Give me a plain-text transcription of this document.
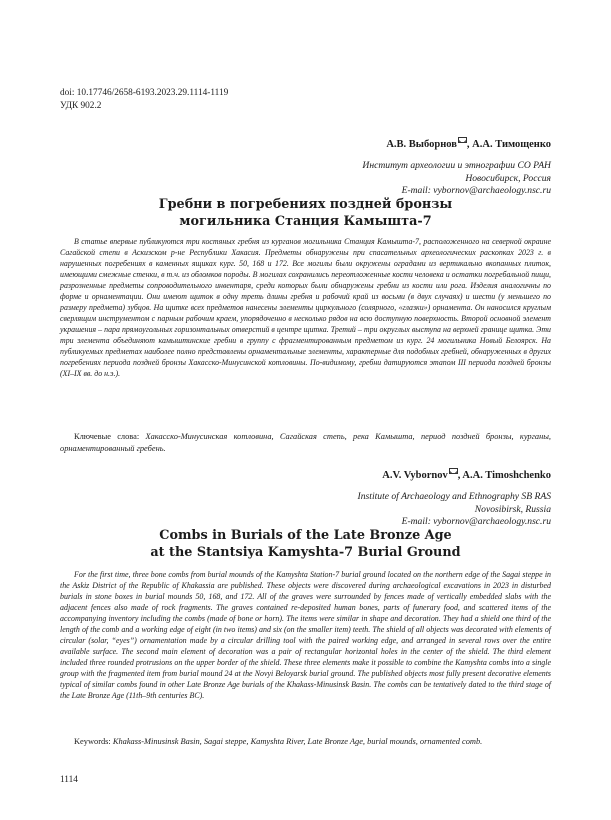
doi: 10.17746/2658-6193.2023.29.1114-1119
УДК 902.2
А.В. Выборнов , А.А. Тимощенко
Институт археологии и этнографии СО РАН
Новосибирск, Россия
E-mail: vybornov@archaeology.nsc.ru
Гребни в погребениях поздней бронзы
могильника Станция Камышта-7
В статье впервые публикуются три костяных гребня из курганов могильника Станция Камышта-7, расположенного на северной окраине Сагайской степи в Аскизском р-не Республики Хакасия. Предметы обнаружены при спасательных археологических раскопках 2023 г. в нарушенных погребениях в каменных ящиках кург. 50, 168 и 172. Все могилы были окружены оградами из вертикально вкопанных плиток, имеющими смежные стенки, в т.ч. из обломков породы. В могилах сохранились переотложенные кости человека и остатки погребальной пищи, разрозненные предметы сопроводительного инвентаря, среди которых были обнаружены гребни из кости или рога. Изделия аналогичны по форме и орнаментации. Они имеют щиток в одну треть длины гребня и рабочий край из восьми (в двух случаях) и шести (у меньшего по размеру предмета) зубцов. На щитке всех предметов нанесены элементы циркульного (солярного, «глазки») орнамента. Он наносился круглым сверлящим инструментом с парным рабочим краем, упорядоченно в несколько рядов на всю доступную поверхность. Второй основной элемент украшения – пара прямоугольных горизонтальных отверстий в центре щитка. Третий – три округлых выступа на верхней границе щитка. Эти три элемента объединяют камыштинские гребни в группу с фрагментированным предметом из кург. 24 могильника Новый Белоярск. На публикуемых предметах наиболее полно представлены орнаментальные элементы, характерные для подобных гребней, обнаруженных в других погребениях периода поздней бронзы Хакасско-Минусинской котловины. По-видимому, гребни датируются этапом III периода поздней бронзы (XI–IX вв. до н.э.).
Ключевые слова: Хакасско-Минусинская котловина, Сагайская степь, река Камышта, период поздней бронзы, курганы, орнаментированный гребень.
A.V. Vybornov , A.A. Timoshchenko
Institute of Archaeology and Ethnography SB RAS
Novosibirsk, Russia
E-mail: vybornov@archaeology.nsc.ru
Combs in Burials of the Late Bronze Age
at the Stantsiya Kamyshta-7 Burial Ground
For the first time, three bone combs from burial mounds of the Kamyshta Station-7 burial ground located on the northern edge of the Sagai steppe in the Askiz District of the Republic of Khakassia are published. These objects were discovered during archaeological excavations in 2023 in disturbed burials in stone boxes in burial mounds 50, 168, and 172. All of the graves were surrounded by fences made of vertically embedded slabs with the adjacent fences also made of rock fragments. The graves contained re-deposited human bones, parts of funerary food, and scattered items of the accompanying inventory including the combs (made of bone or horn). The items were similar in shape and decoration. They had a shield one third of the length of the comb and a working edge of eight (in two items) and six (on the smaller item) teeth. The shield of all objects was decorated with elements of circular (solar, “eyes”) ornamentation made by a circular drilling tool with the paired working edge, and arranged in several rows over the entire available surface. The second main element of decoration was a pair of rectangular horizontal holes in the center of the shield. The third element included three rounded protrusions on the upper border of the shield. These three elements make it possible to combine the Kamyshta combs into a single group with the fragmented item from burial mound 24 at the Novyi Beloyarsk burial ground. The published objects most fully present decorative elements typical of similar combs found in other Late Bronze Age burials of the Khakass-Minusinsk Basin. The combs can be tentatively dated to the third stage of the Late Bronze Age (11th–9th centuries BC).
Keywords: Khakass-Minusinsk Basin, Sagai steppe, Kamyshta River, Late Bronze Age, burial mounds, ornamented comb.
1114
